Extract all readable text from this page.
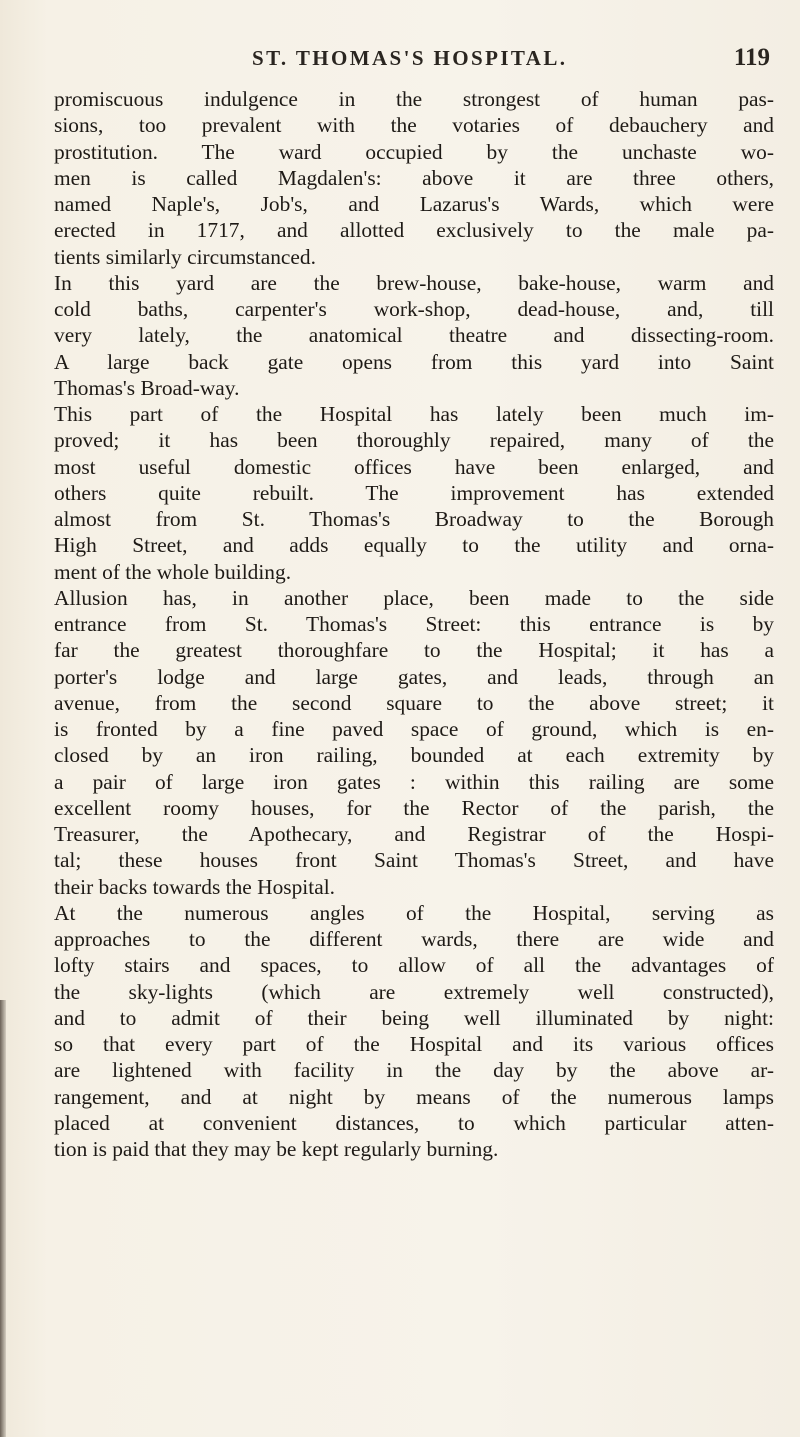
ST. THOMAS'S HOSPITAL.	119
promiscuous indulgence in the strongest of human pas-
sions, too prevalent with the votaries of debauchery and
prostitution. The ward occupied by the unchaste wo-
men is called Magdalen's: above it are three others,
named Naple's, Job's, and Lazarus's Wards, which were
erected in 1717, and allotted exclusively to the male pa-
tients similarly circumstanced.
In this yard are the brew-house, bake-house, warm and
cold baths, carpenter's work-shop, dead-house, and, till
very lately, the anatomical theatre and dissecting-room.
A large back gate opens from this yard into Saint
Thomas's Broad-way.
This part of the Hospital has lately been much im-
proved; it has been thoroughly repaired, many of the
most useful domestic offices have been enlarged, and
others quite rebuilt. The improvement has extended
almost from St. Thomas's Broadway to the Borough
High Street, and adds equally to the utility and orna-
ment of the whole building.
Allusion has, in another place, been made to the side
entrance from St. Thomas's Street: this entrance is by
far the greatest thoroughfare to the Hospital; it has a
porter's lodge and large gates, and leads, through an
avenue, from the second square to the above street; it
is fronted by a fine paved space of ground, which is en-
closed by an iron railing, bounded at each extremity by
a pair of large iron gates : within this railing are some
excellent roomy houses, for the Rector of the parish, the
Treasurer, the Apothecary, and Registrar of the Hospi-
tal; these houses front Saint Thomas's Street, and have
their backs towards the Hospital.
At the numerous angles of the Hospital, serving as
approaches to the different wards, there are wide and
lofty stairs and spaces, to allow of all the advantages of
the sky-lights (which are extremely well constructed),
and to admit of their being well illuminated by night:
so that every part of the Hospital and its various offices
are lightened with facility in the day by the above ar-
rangement, and at night by means of the numerous lamps
placed at convenient distances, to which particular atten-
tion is paid that they may be kept regularly burning.
